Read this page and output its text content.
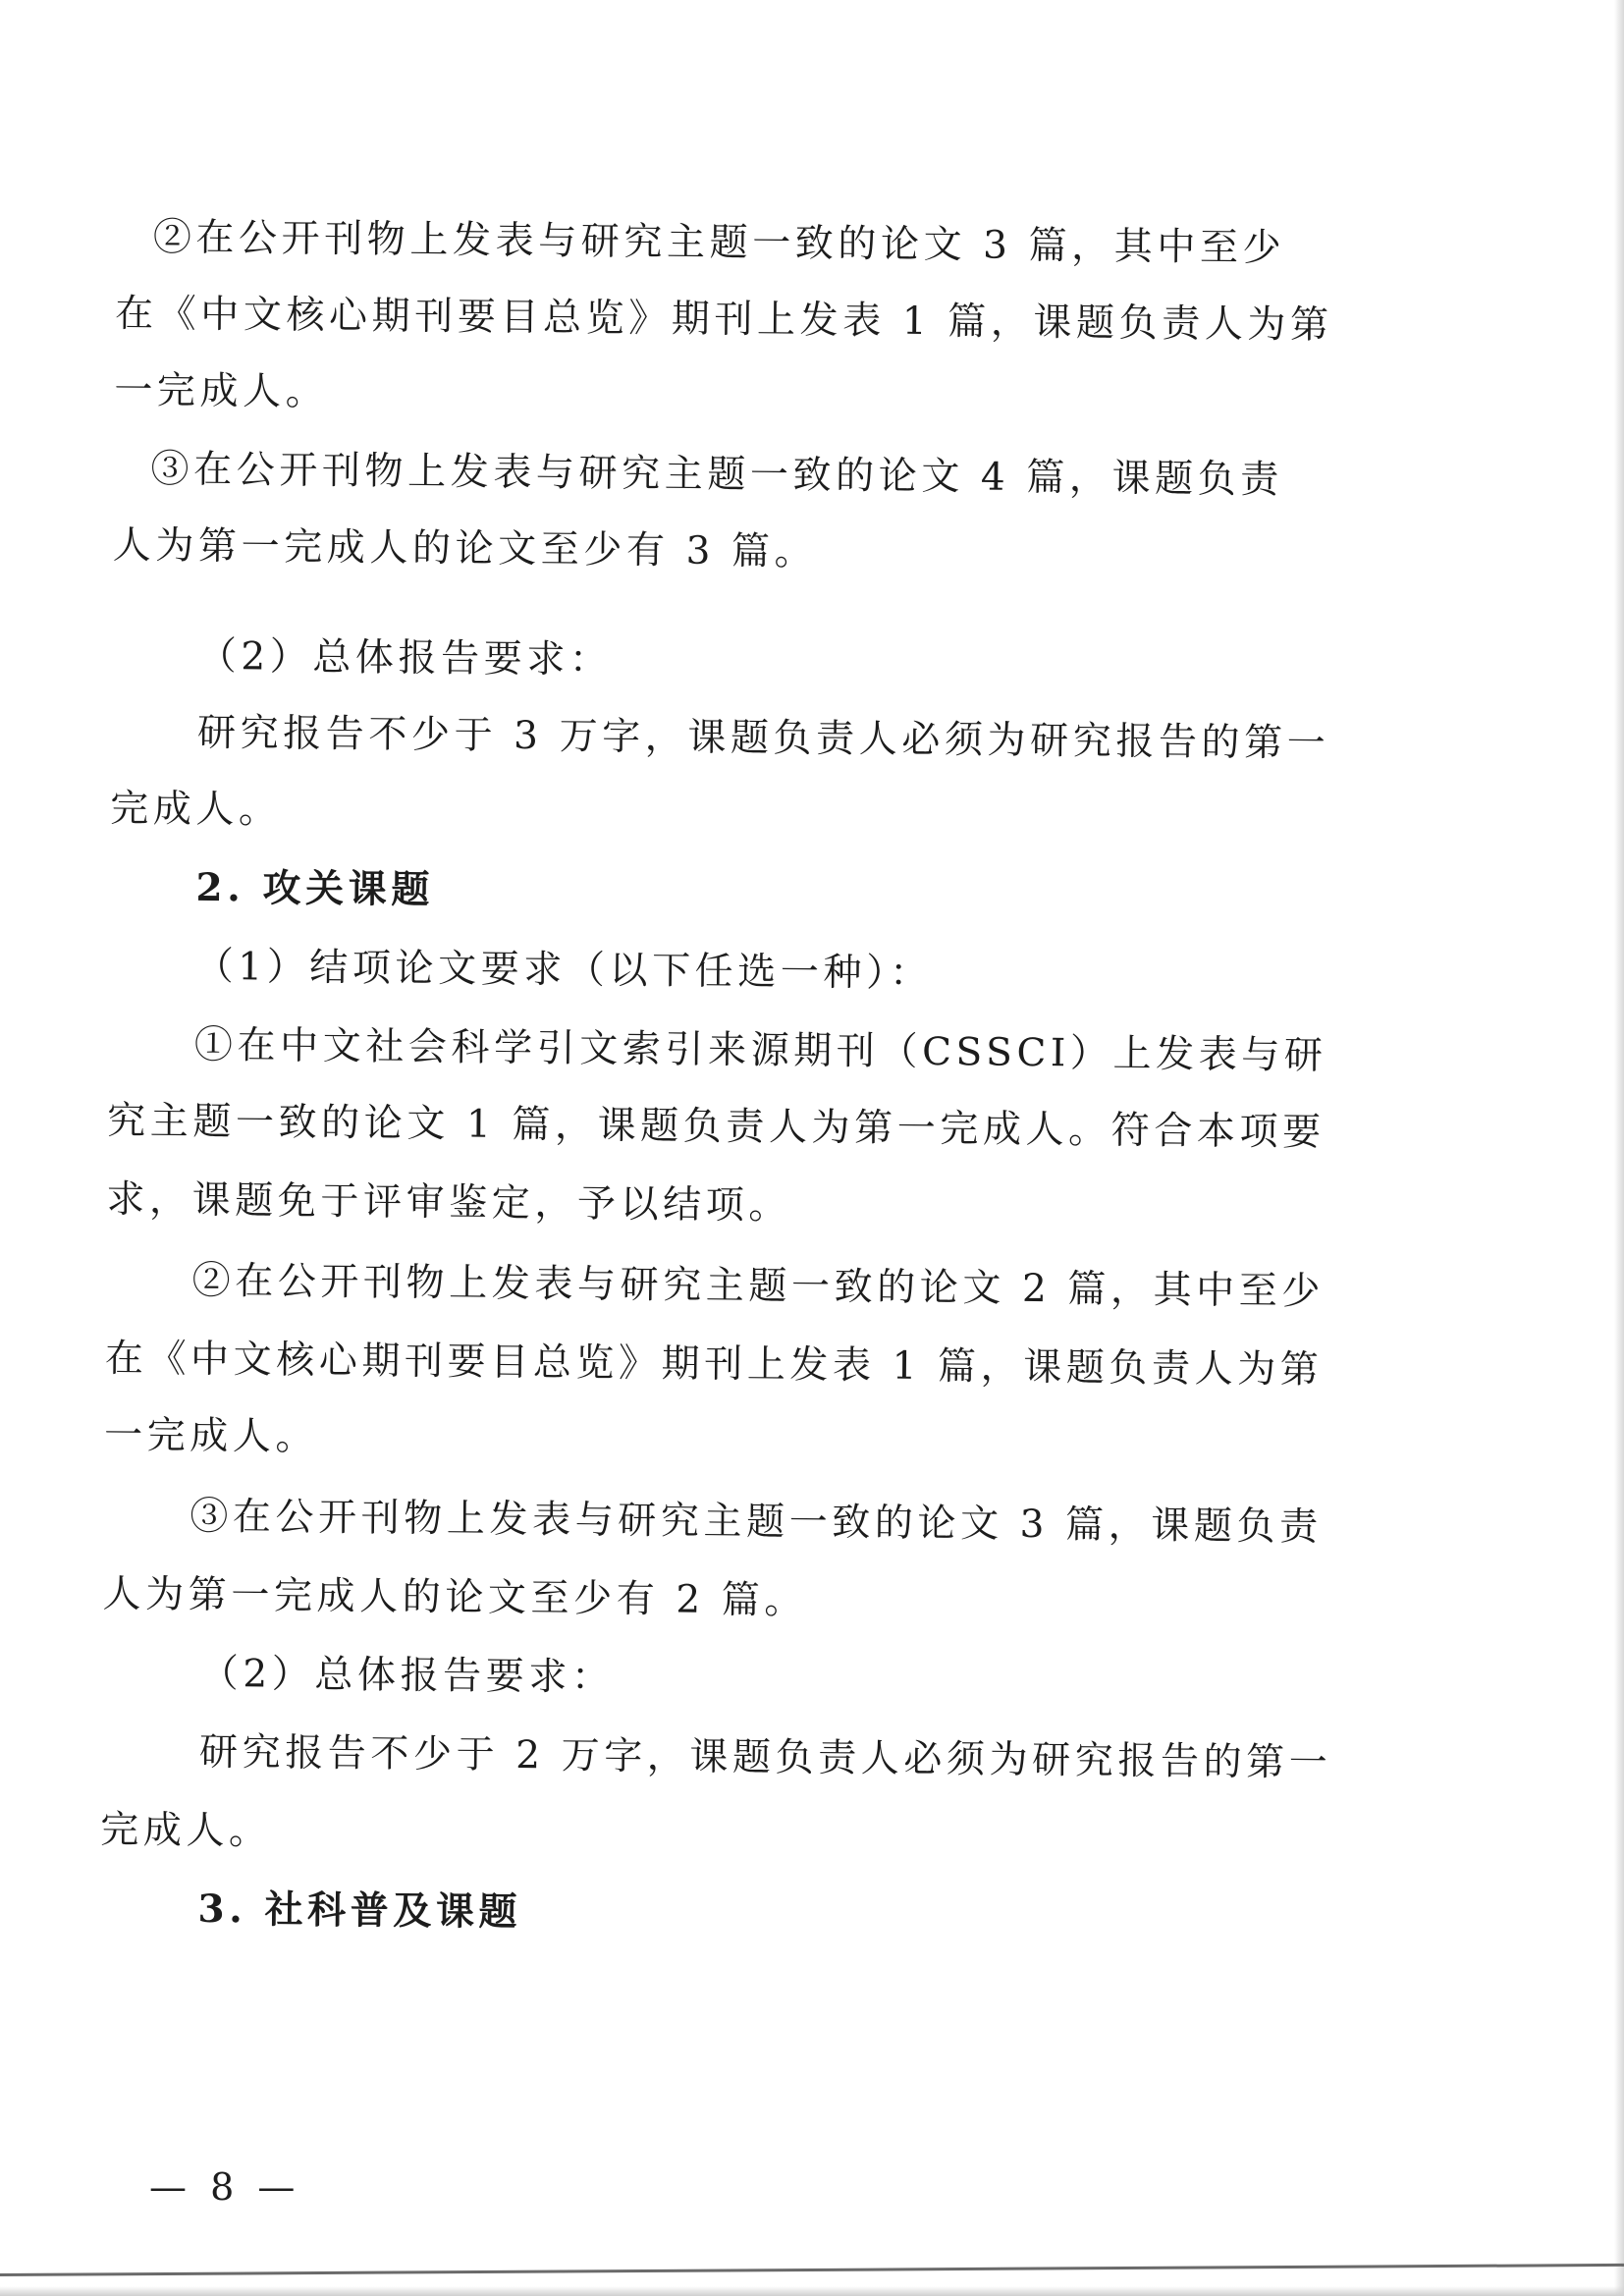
②在公开刊物上发表与研究主题一致的论文 3 篇，其中至少
在《中文核心期刊要目总览》期刊上发表 1 篇，课题负责人为第
一完成人。
③在公开刊物上发表与研究主题一致的论文 4 篇，课题负责
人为第一完成人的论文至少有 3 篇。
（2）总体报告要求：
研究报告不少于 3 万字，课题负责人必须为研究报告的第一
完成人。
2. 攻关课题
（1）结项论文要求（以下任选一种）：
①在中文社会科学引文索引来源期刊（CSSCI）上发表与研
究主题一致的论文 1 篇，课题负责人为第一完成人。符合本项要
求，课题免于评审鉴定，予以结项。
②在公开刊物上发表与研究主题一致的论文 2 篇，其中至少
在《中文核心期刊要目总览》期刊上发表 1 篇，课题负责人为第
一完成人。
③在公开刊物上发表与研究主题一致的论文 3 篇，课题负责
人为第一完成人的论文至少有 2 篇。
（2）总体报告要求：
研究报告不少于 2 万字，课题负责人必须为研究报告的第一
完成人。
3. 社科普及课题
— 8 —
